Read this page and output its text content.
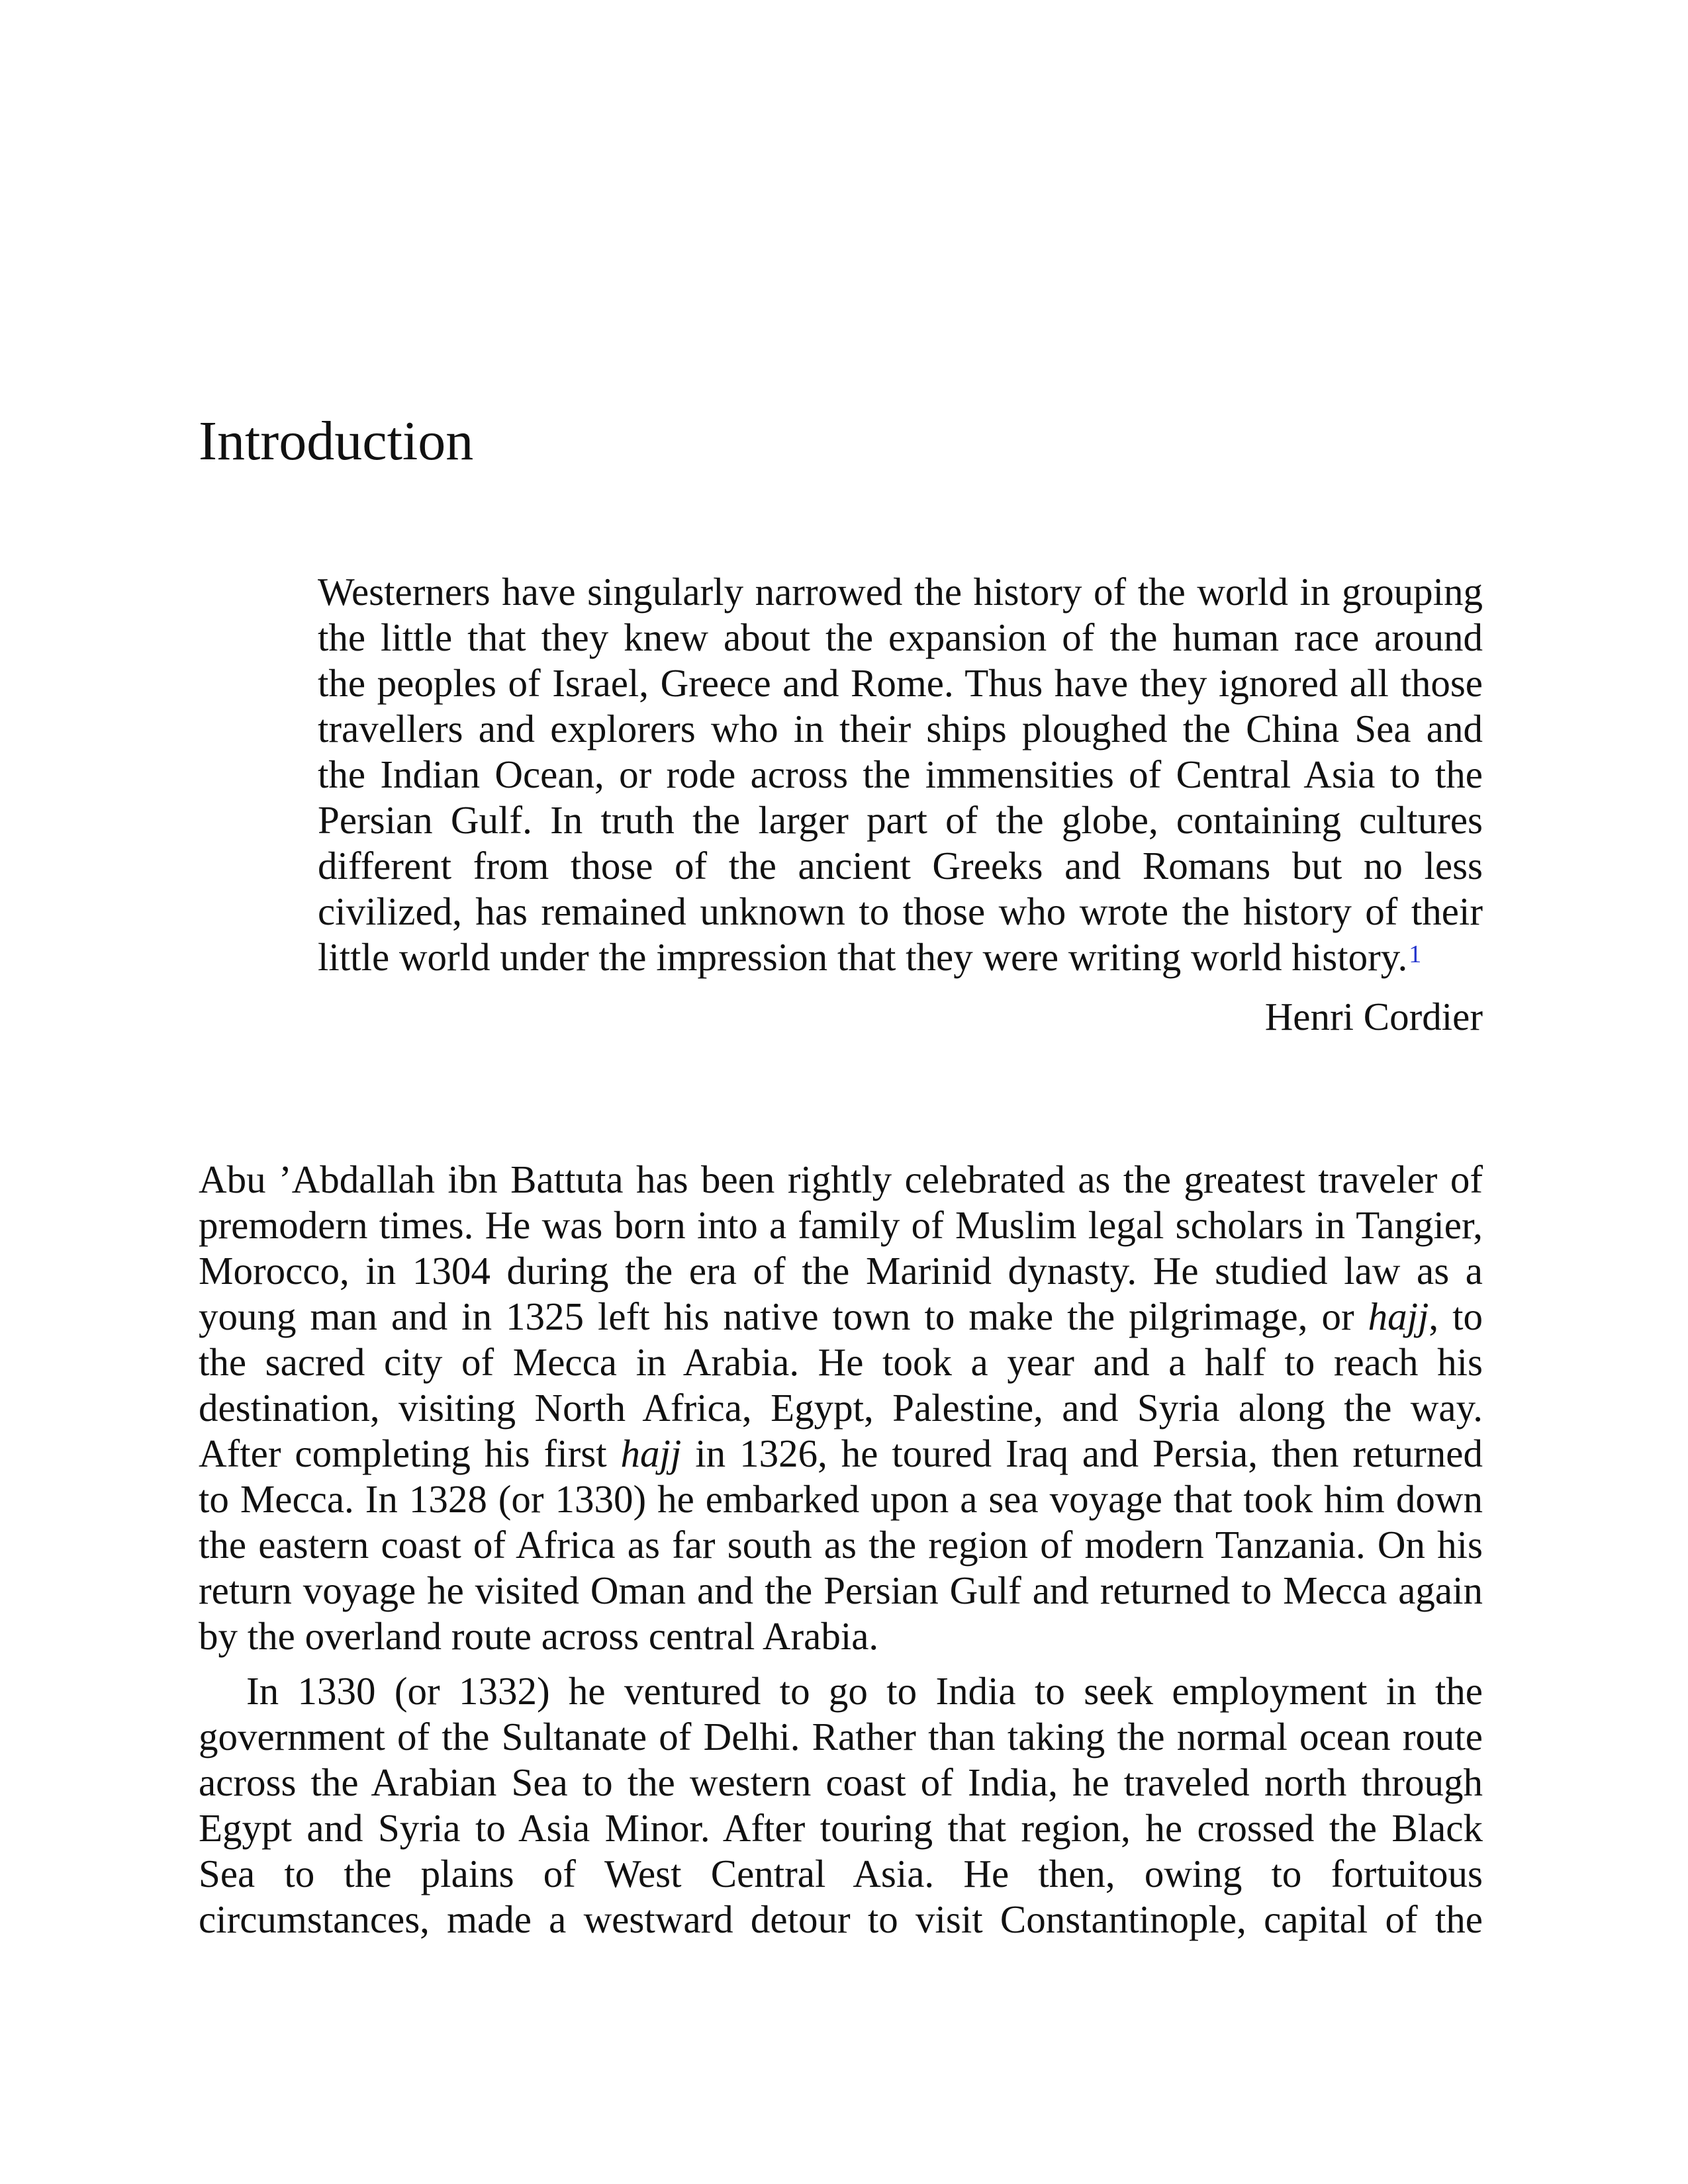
Introduction
Westerners have singularly narrowed the history of the world in grouping
the little that they knew about the expansion of the human race around
the peoples of Israel, Greece and Rome. Thus have they ignored all those
travellers and explorers who in their ships ploughed the China Sea and
the Indian Ocean, or rode across the immensities of Central Asia to the
Persian Gulf. In truth the larger part of the globe, containing cultures
different from those of the ancient Greeks and Romans but no less
civilized, has remained unknown to those who wrote the history of their
little world under the impression that they were writing world history.$^1$
Henri Cordier

Abu ’Abdallah ibn Battuta has been rightly celebrated as the greatest traveler of
premodern times. He was born into a family of Muslim legal scholars in Tangier,
Morocco, in 1304 during the era of the Marinid dynasty. He studied law as a
young man and in 1325 left his native town to make the pilgrimage, or hajj, to
the sacred city of Mecca in Arabia. He took a year and a half to reach his
destination, visiting North Africa, Egypt, Palestine, and Syria along the way.
After completing his first hajj in 1326, he toured Iraq and Persia, then returned
to Mecca. In 1328 (or 1330) he embarked upon a sea voyage that took him down
the eastern coast of Africa as far south as the region of modern Tanzania. On his
return voyage he visited Oman and the Persian Gulf and returned to Mecca again
by the overland route across central Arabia.

In 1330 (or 1332) he ventured to go to India to seek employment in the
government of the Sultanate of Delhi. Rather than taking the normal ocean route
across the Arabian Sea to the western coast of India, he traveled north through
Egypt and Syria to Asia Minor. After touring that region, he crossed the Black
Sea to the plains of West Central Asia. He then, owing to fortuitous
circumstances, made a westward detour to visit Constantinople, capital of the
